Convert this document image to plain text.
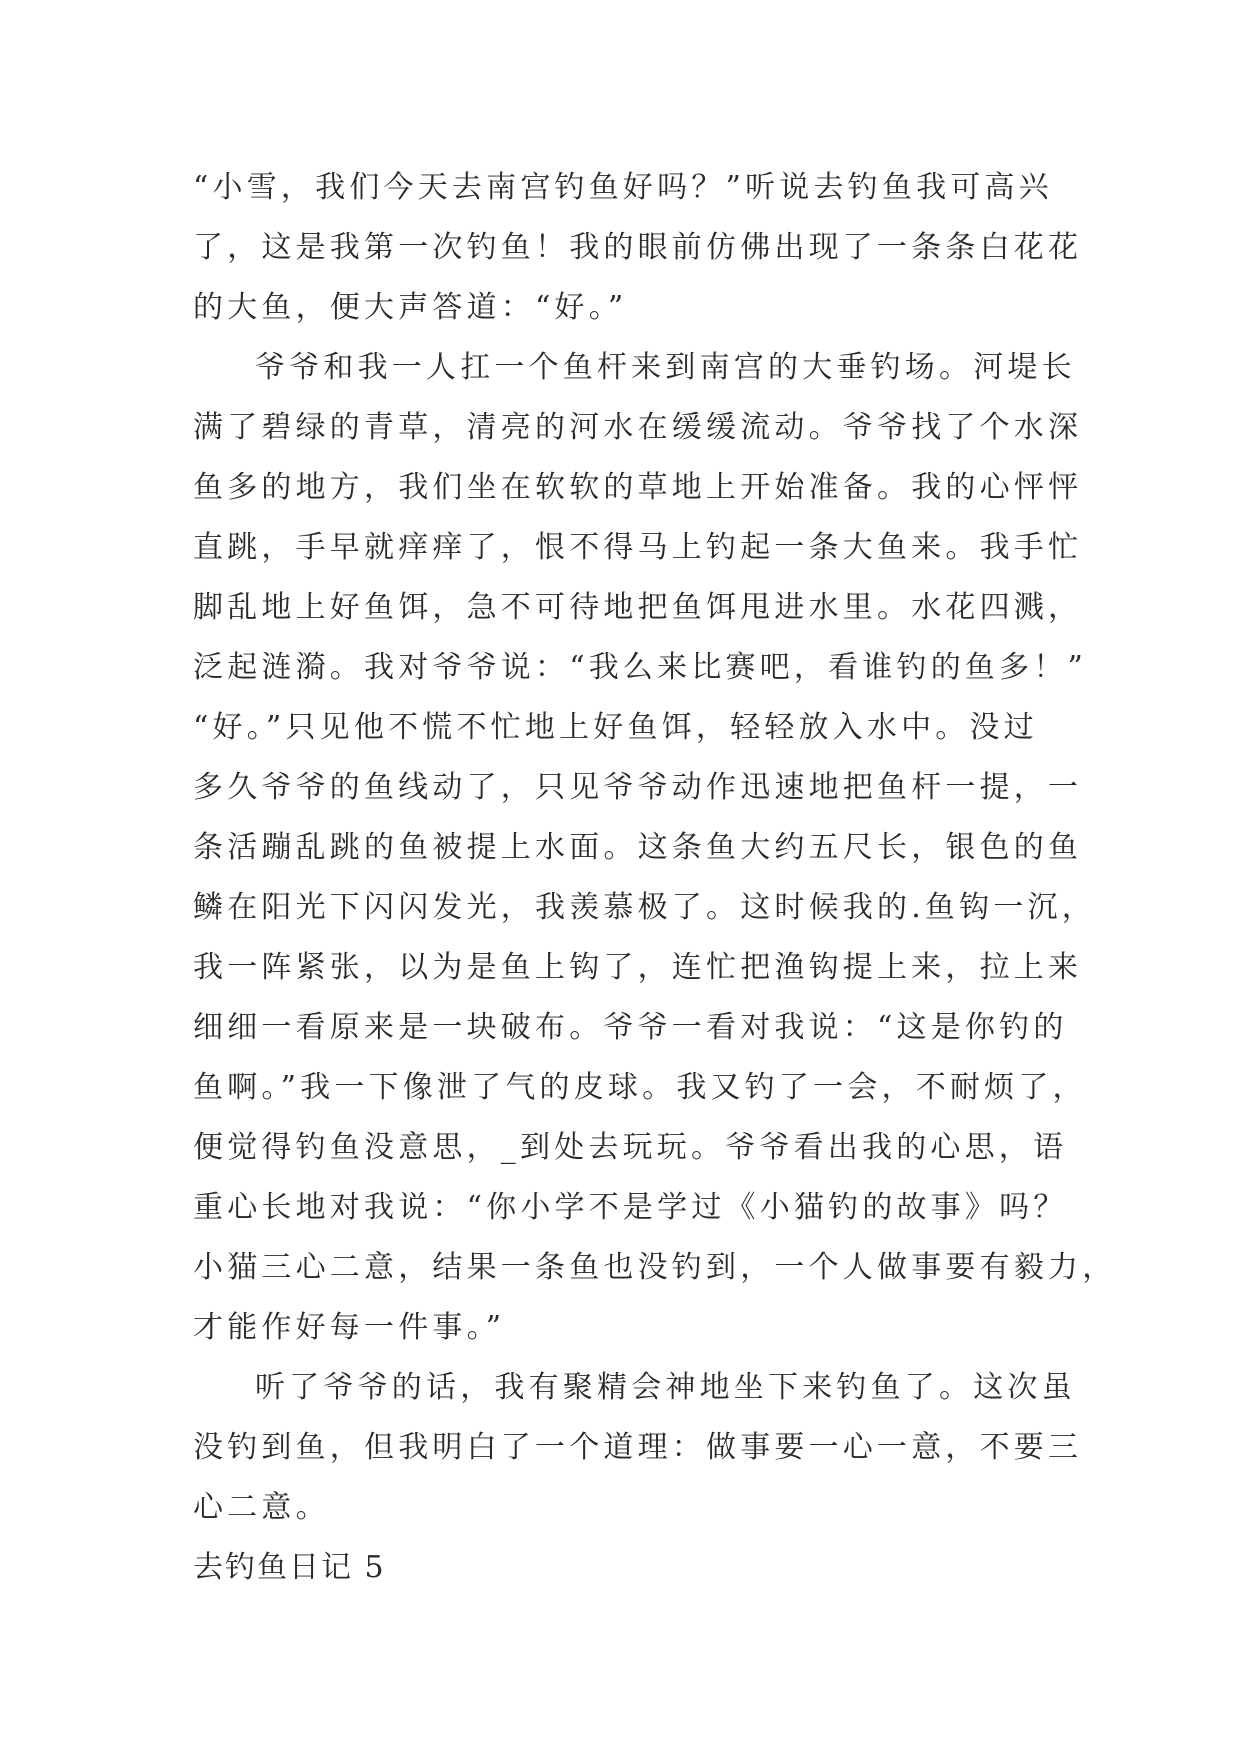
“小雪，我们今天去南宫钓鱼好吗？”听说去钓鱼我可高兴
了，这是我第一次钓鱼！我的眼前仿佛出现了一条条白花花
的大鱼，便大声答道：“好。”
爷爷和我一人扛一个鱼杆来到南宫的大垂钓场。河堤长
满了碧绿的青草，清亮的河水在缓缓流动。爷爷找了个水深
鱼多的地方，我们坐在软软的草地上开始准备。我的心怦怦
直跳，手早就痒痒了，恨不得马上钓起一条大鱼来。我手忙
脚乱地上好鱼饵，急不可待地把鱼饵甩进水里。水花四溅，
泛起涟漪。我对爷爷说：“我么来比赛吧，看谁钓的鱼多！”
“好。”只见他不慌不忙地上好鱼饵，轻轻放入水中。没过
多久爷爷的鱼线动了，只见爷爷动作迅速地把鱼杆一提，一
条活蹦乱跳的鱼被提上水面。这条鱼大约五尺长，银色的鱼
鳞在阳光下闪闪发光，我羡慕极了。这时候我的.鱼钩一沉，
我一阵紧张，以为是鱼上钩了，连忙把渔钩提上来，拉上来
细细一看原来是一块破布。爷爷一看对我说：“这是你钓的
鱼啊。”我一下像泄了气的皮球。我又钓了一会，不耐烦了，
便觉得钓鱼没意思，_到处去玩玩。爷爷看出我的心思，语
重心长地对我说：“你小学不是学过《小猫钓的故事》吗？
小猫三心二意，结果一条鱼也没钓到，一个人做事要有毅力，
才能作好每一件事。”
听了爷爷的话，我有聚精会神地坐下来钓鱼了。这次虽
没钓到鱼，但我明白了一个道理：做事要一心一意，不要三
心二意。
去钓鱼日记 5
